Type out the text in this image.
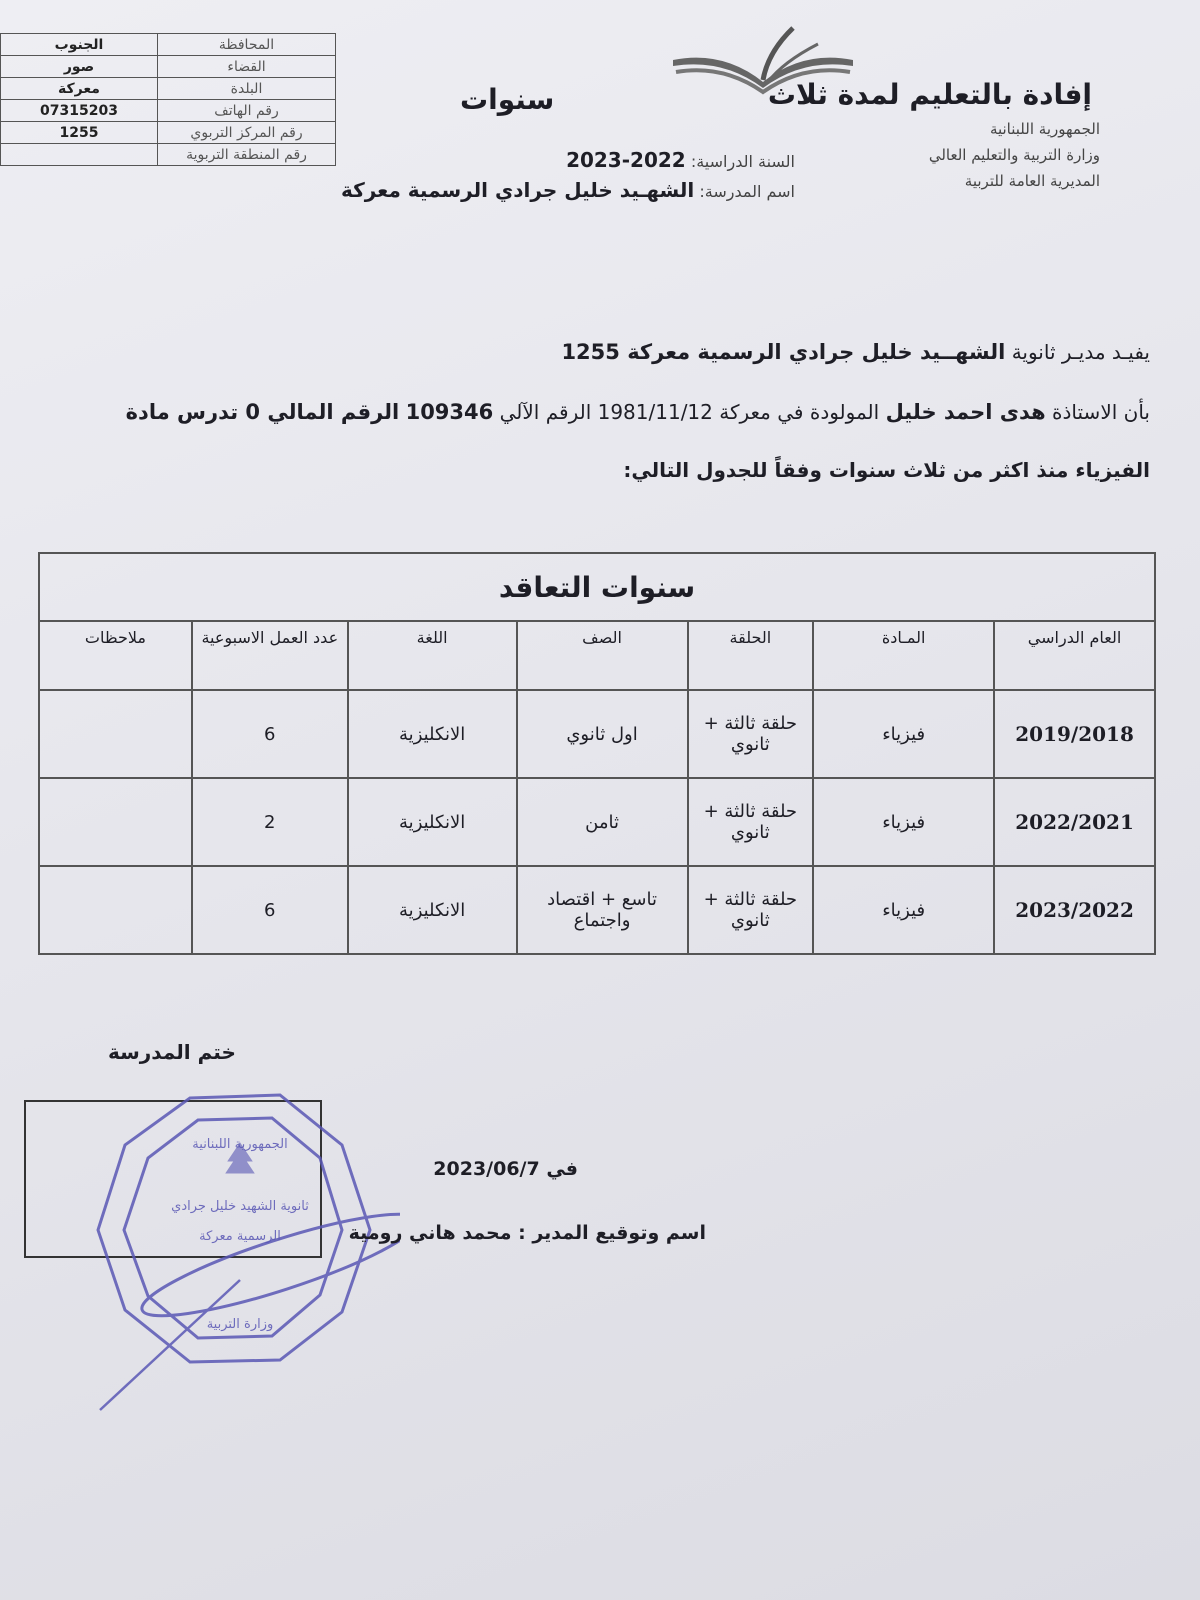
الجنوب	المحافظة
صور	القضاء
معركة	البلدة
07315203	رقم الهاتف
1255	رقم المركز التربوي
	رقم المنطقة التربوية
إفادة بالتعليم لمدة ثلاث
سنوات
الجمهورية اللبنانية
وزارة التربية والتعليم العالي
المديرية العامة للتربية
السنة الدراسية: 2022-2023
اسم المدرسة: الشهـيد خليل جرادي الرسمية معركة
يفيـد مديـر ثانوية الشهــيد خليل جرادي الرسمية معركة 1255
بأن الاستاذة هدى احمد خليل المولودة في معركة 1981/11/12 الرقم الآلي 109346 الرقم المالي 0 تدرس مادة
الفيزياء منذ اكثر من ثلاث سنوات وفقاً للجدول التالي:
سنوات التعاقد						
العام الدراسي	المـادة	الحلقة	الصف	اللغة	عدد العمل الاسبوعية	ملاحظات
2019/2018	فيزياء	حلقة ثالثة + ثانوي	اول ثانوي	الانكليزية	6	
2022/2021	فيزياء	حلقة ثالثة + ثانوي	ثامن	الانكليزية	2	
2023/2022	فيزياء	حلقة ثالثة + ثانوي	تاسع + اقتصاد واجتماع	الانكليزية	6	
ختم المدرسة
الجمهورية اللبنانية
ثانوية الشهيد خليل جرادي
الرسمية معركة
وزارة التربية
في 2023/06/7
اسم وتوقيع المدير : محمد هاني رومية
